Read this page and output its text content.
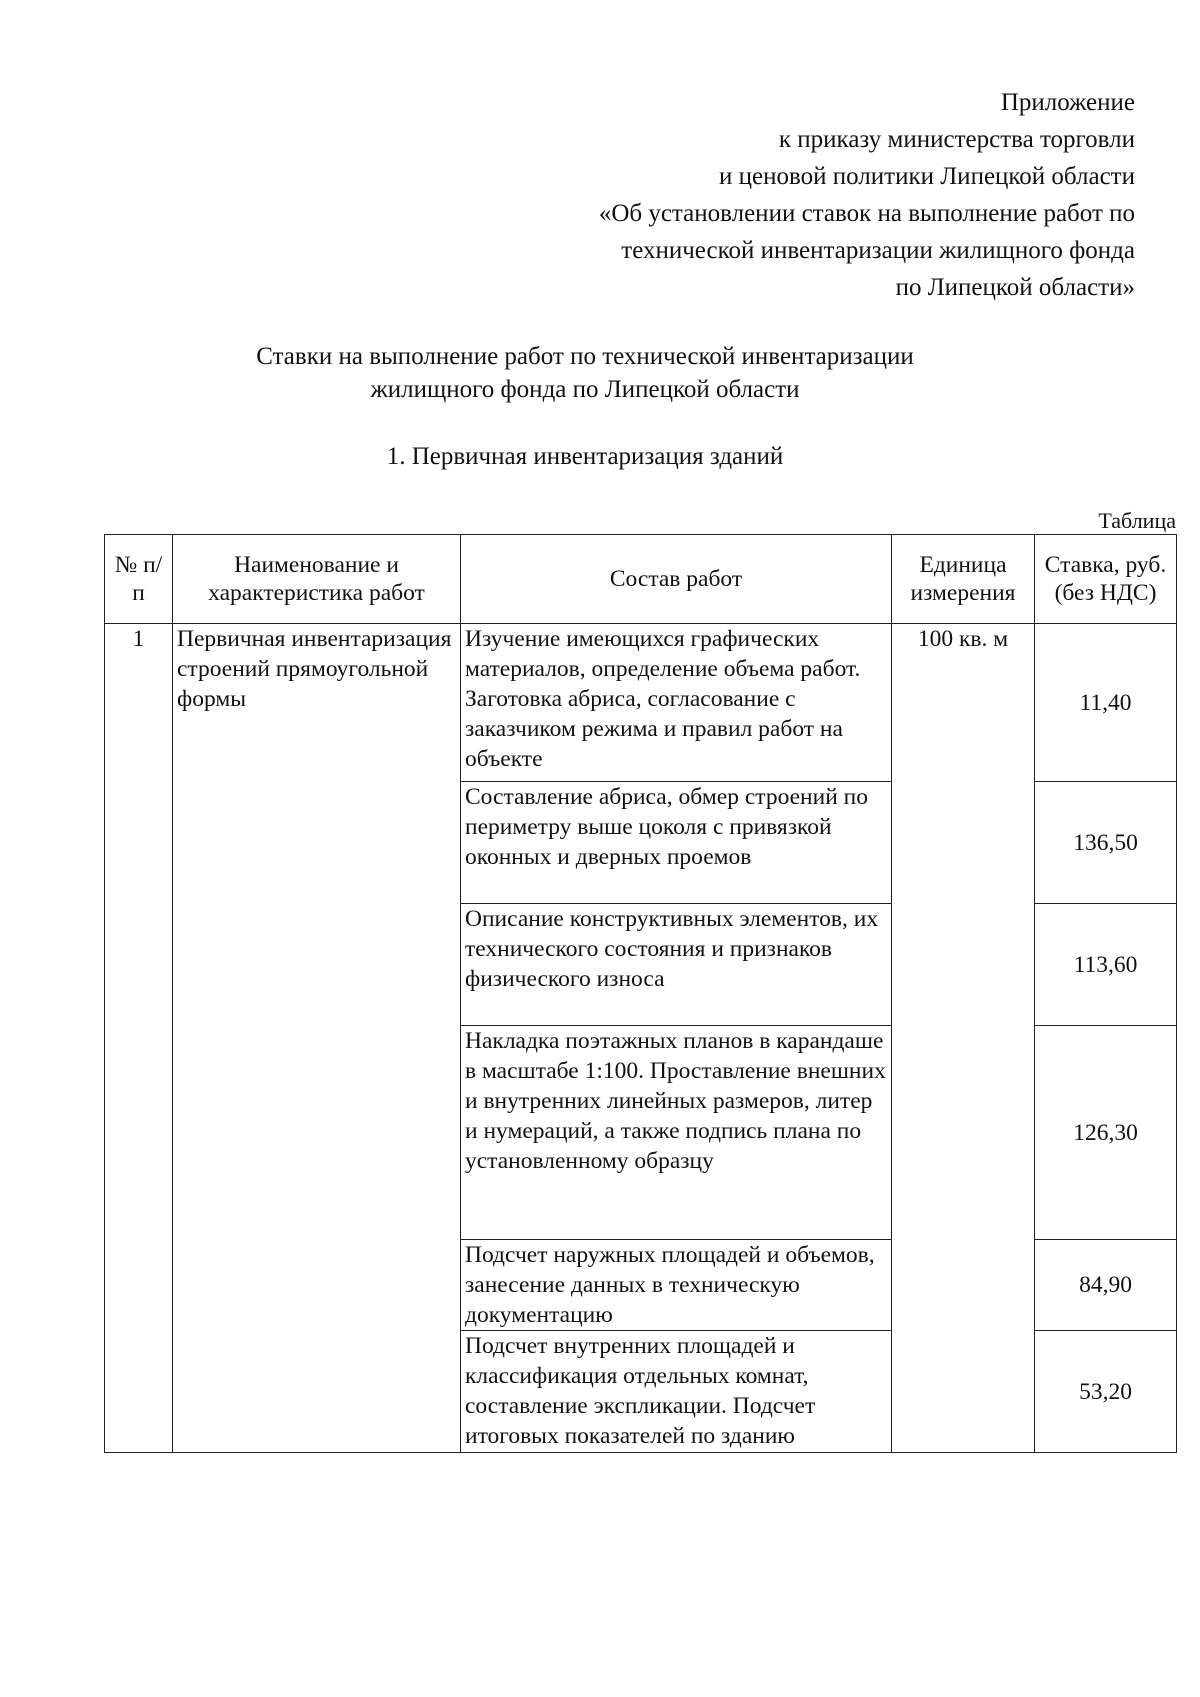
Приложение
к приказу министерства торговли
и ценовой политики Липецкой области
«Об установлении ставок на выполнение работ по
технической инвентаризации жилищного фонда
по Липецкой области»
Ставки на выполнение работ по технической инвентаризации
жилищного фонда по Липецкой области
1. Первичная инвентаризация зданий
Таблица
№ п/п	Наименование и характеристика работ	Состав работ	Единица измерения	Ставка, руб. (без НДС)
1	Первичная инвентаризация строений прямоугольной формы	Изучение имеющихся графических материалов, определение объема работ. Заготовка абриса, согласование с заказчиком режима и правил работ на объекте	100 кв. м	11,40
		Составление абриса, обмер строений по периметру выше цоколя с привязкой оконных и дверных проемов		136,50
		Описание конструктивных элементов, их технического состояния и признаков физического износа		113,60
		Накладка поэтажных планов в карандаше в масштабе 1:100. Проставление внешних и внутренних линейных размеров, литер и нумераций, а также подпись плана по установленному образцу		126,30
		Подсчет наружных площадей и объемов, занесение данных в техническую документацию		84,90
		Подсчет внутренних площадей и классификация отдельных комнат, составление экспликации. Подсчет итоговых показателей по зданию		53,20
